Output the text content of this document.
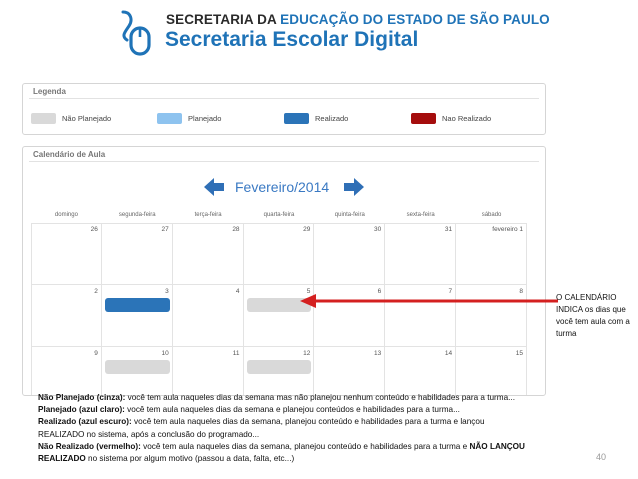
SECRETARIA DA EDUCAÇÃO DO ESTADO DE SÃO PAULO
Secretaria Escolar Digital
Legenda
Não Planejado	Planejado	Realizado	Nao Realizado
Calendário de Aula
Fevereiro/2014
domingo	segunda-feira	terça-feira	quarta-feira	quinta-feira	sexta-feira	sábado
26	27	28	29	30	31	fevereiro 1
2	3	4	5	6	7	8
9	10	11	12	13	14	15
O CALENDÁRIO INDICA os dias que você tem aula com a turma
Não Planejado (cinza): você tem aula naqueles dias da semana mas não planejou nenhum conteúdo e habilidades para a turma...
Planejado (azul claro): você tem aula naqueles dias da semana e planejou conteúdos e habilidades para a turma...
Realizado (azul escuro): você tem aula naqueles dias da semana, planejou conteúdo e habilidades para a turma e lançou
REALIZADO no sistema, após a conclusão do programado...
Não Realizado (vermelho): você tem aula naqueles dias da semana, planejou conteúdo e habilidades para a turma e NÃO LANÇOU
REALIZADO no sistema por algum motivo (passou a data, falta, etc...)	40
